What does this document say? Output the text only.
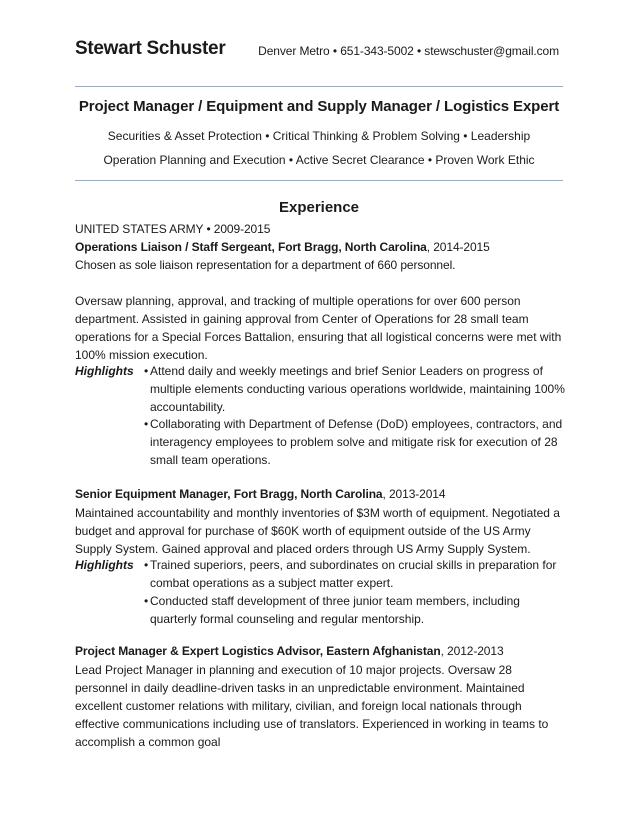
Stewart Schuster	Denver Metro • 651-343-5002 • stewschuster@gmail.com
Project Manager / Equipment and Supply Manager / Logistics Expert
Securities & Asset Protection • Critical Thinking & Problem Solving • Leadership
Operation Planning and Execution • Active Secret Clearance • Proven Work Ethic
Experience
UNITED STATES ARMY • 2009-2015
Operations Liaison / Staff Sergeant, Fort Bragg, North Carolina, 2014-2015
Chosen as sole liaison representation for a department of 660 personnel.
Oversaw planning, approval, and tracking of multiple operations for over 600 person department. Assisted in gaining approval from Center of Operations for 28 small team operations for a Special Forces Battalion, ensuring that all logistical concerns were met with 100% mission execution.
Highlights • Attend daily and weekly meetings and brief Senior Leaders on progress of multiple elements conducting various operations worldwide, maintaining 100% accountability.
• Collaborating with Department of Defense (DoD) employees, contractors, and interagency employees to problem solve and mitigate risk for execution of 28 small team operations.
Senior Equipment Manager, Fort Bragg, North Carolina, 2013-2014
Maintained accountability and monthly inventories of $3M worth of equipment. Negotiated a budget and approval for purchase of $60K worth of equipment outside of the US Army Supply System. Gained approval and placed orders through US Army Supply System.
Highlights • Trained superiors, peers, and subordinates on crucial skills in preparation for combat operations as a subject matter expert.
• Conducted staff development of three junior team members, including quarterly formal counseling and regular mentorship.
Project Manager & Expert Logistics Advisor, Eastern Afghanistan, 2012-2013
Lead Project Manager in planning and execution of 10 major projects. Oversaw 28 personnel in daily deadline-driven tasks in an unpredictable environment. Maintained excellent customer relations with military, civilian, and foreign local nationals through effective communications including use of translators. Experienced in working in teams to accomplish a common goal
